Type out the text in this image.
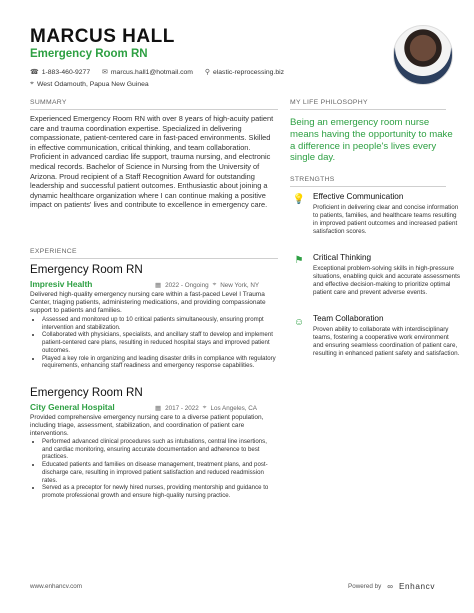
MARCUS HALL
Emergency Room RN
☎ 1-883-460-9277
✉ marcus.hall1@hotmail.com
⚲ elastic-reprocessing.biz
⌖ West Odamouth, Papua New Guinea
SUMMARY
Experienced Emergency Room RN with over 8 years of high-acuity patient care and trauma coordination expertise. Specialized in delivering compassionate, patient-centered care in fast-paced environments. Skilled in effective communication, critical thinking, and team collaboration. Proficient in advanced cardiac life support, trauma nursing, and electronic medical records. Bachelor of Science in Nursing from the University of Arizona. Proud recipient of a Staff Recognition Award for outstanding leadership and successful patient outcomes. Enthusiastic about joining a dynamic healthcare organization where I can continue making a positive impact on patients' lives and contribute to excellence in emergency care.
MY LIFE PHILOSOPHY
Being an emergency room nurse means having the opportunity to make a difference in people's lives every single day.
STRENGTHS
💡 Effective Communication
Proficient in delivering clear and concise information to patients, families, and healthcare teams resulting in improved patient outcomes and increased patient satisfaction scores.
⚑	Critical Thinking
Exceptional problem-solving skills in high-pressure situations, enabling quick and accurate assessments and effective decision-making to prioritize optimal patient care and prevent adverse events.
☺ Team Collaboration
Proven ability to collaborate with interdisciplinary teams, fostering a cooperative work environment and ensuring seamless coordination of patient care, resulting in enhanced patient safety and satisfaction.
EXPERIENCE
Emergency Room RN
Impresiv Health	▦ 2022 - Ongoing ⌖ New York, NY
Delivered high-quality emergency nursing care within a fast-paced Level I Trauma Center, triaging patients, administering medications, and providing compassionate support to patients and families.
• Assessed and monitored up to 10 critical patients simultaneously, ensuring prompt intervention and stabilization.
• Collaborated with physicians, specialists, and ancillary staff to develop and implement patient-centered care plans, resulting in reduced hospital stays and improved patient outcomes.
• Played a key role in organizing and leading disaster drills in compliance with regulatory requirements, enhancing staff readiness and emergency response capabilities.
Emergency Room RN
City General Hospital	▦ 2017 - 2022 ⌖ Los Angeles, CA
Provided comprehensive emergency nursing care to a diverse patient population, including triage, assessment, stabilization, and coordination of patient care interventions.
• Performed advanced clinical procedures such as intubations, central line insertions, and cardiac monitoring, ensuring accurate documentation and adherence to best practices.
• Educated patients and families on disease management, treatment plans, and post-discharge care, resulting in improved patient satisfaction and reduced readmission rates.
• Served as a preceptor for newly hired nurses, providing mentorship and guidance to promote professional growth and ensure high-quality nursing practice.
www.enhancv.com	Powered by ∞ Enhancv
